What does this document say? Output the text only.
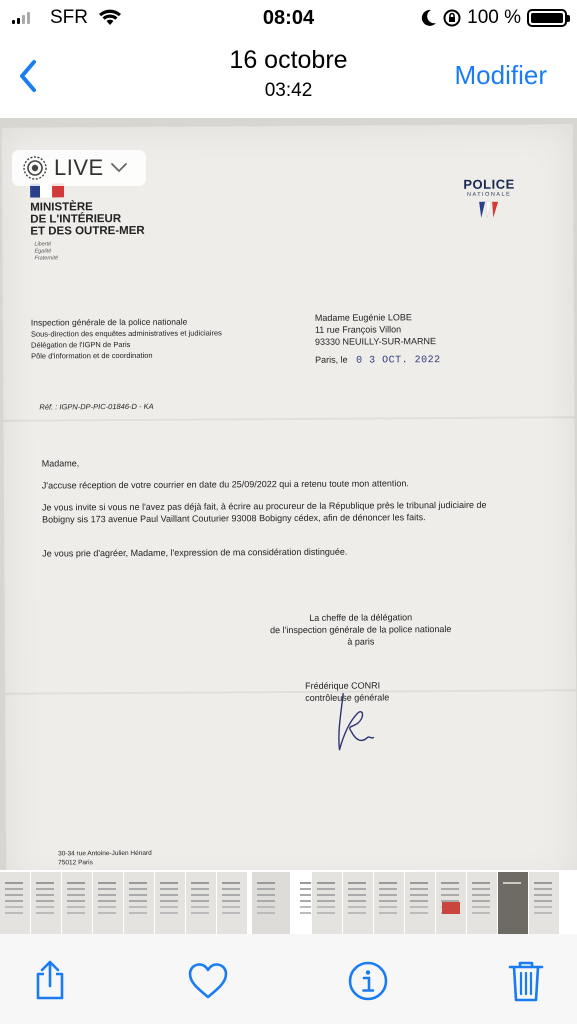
SFR	08:04	100 %
16 octobre
03:42
Modifier
MINISTÈRE
DE L'INTÉRIEUR
ET DES OUTRE-MER
Liberté
Égalité
Fraternité
POLICE
NATIONALE
Inspection générale de la police nationale
Sous-direction des enquêtes administratives et judiciaires
Délégation de l'IGPN de Paris
Pôle d'information et de coordination
Madame Eugénie LOBE
11 rue François Villon
93330 NEUILLY-SUR-MARNE
Paris, le 0 3 OCT. 2022
Réf. : IGPN-DP-PIC-01846-D - KA
Madame,
J'accuse réception de votre courrier en date du 25/09/2022 qui a retenu toute mon attention.
Je vous invite si vous ne l'avez pas déjà fait, à écrire au procureur de la République près le tribunal judiciaire de Bobigny sis 173 avenue Paul Vaillant Couturier 93008 Bobigny cédex, afin de dénoncer les faits.
Je vous prie d'agréer, Madame, l'expression de ma considération distinguée.
La cheffe de la délégation
de l'inspection générale de la police nationale
à paris
Frédérique CONRI
contrôleuse générale
30-34 rue Antoine-Julien Hénard
75012 Paris
LIVE
